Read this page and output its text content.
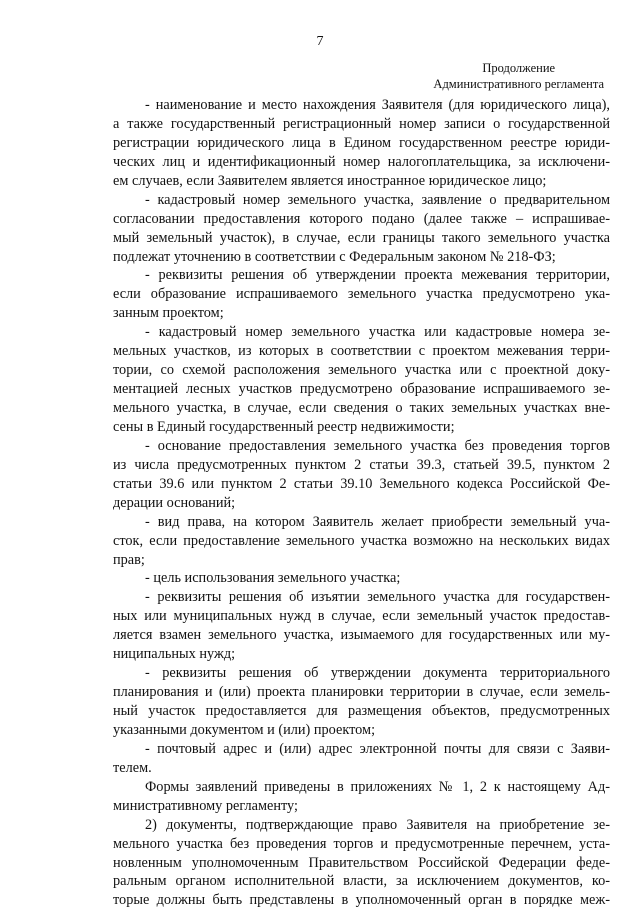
7
Продолжение
Административного регламента
- наименование и место нахождения Заявителя (для юридического лица),
а также государственный регистрационный номер записи о государственной
регистрации юридического лица в Едином государственном реестре юриди-
ческих лиц и идентификационный номер налогоплательщика, за исключени-
ем случаев, если Заявителем является иностранное юридическое лицо;
- кадастровый номер земельного участка, заявление о предварительном
согласовании предоставления которого подано (далее также – испрашивае-
мый земельный участок), в случае, если границы такого земельного участка
подлежат уточнению в соответствии с Федеральным законом № 218-ФЗ;
- реквизиты решения об утверждении проекта межевания территории,
если образование испрашиваемого земельного участка предусмотрено ука-
занным проектом;
- кадастровый номер земельного участка или кадастровые номера зе-
мельных участков, из которых в соответствии с проектом межевания терри-
тории, со схемой расположения земельного участка или с проектной доку-
ментацией лесных участков предусмотрено образование испрашиваемого зе-
мельного участка, в случае, если сведения о таких земельных участках вне-
сены в Единый государственный реестр недвижимости;
- основание предоставления земельного участка без проведения торгов
из числа предусмотренных пунктом 2 статьи 39.3, статьей 39.5, пунктом 2
статьи 39.6 или пунктом 2 статьи 39.10 Земельного кодекса Российской Фе-
дерации оснований;
- вид права, на котором Заявитель желает приобрести земельный уча-
сток, если предоставление земельного участка возможно на нескольких видах
прав;
- цель использования земельного участка;
- реквизиты решения об изъятии земельного участка для государствен-
ных или муниципальных нужд в случае, если земельный участок предостав-
ляется взамен земельного участка, изымаемого для государственных или му-
ниципальных нужд;
- реквизиты решения об утверждении документа территориального
планирования и (или) проекта планировки территории в случае, если земель-
ный участок предоставляется для размещения объектов, предусмотренных
указанными документом и (или) проектом;
- почтовый адрес и (или) адрес электронной почты для связи с Заяви-
телем.
Формы заявлений приведены в приложениях № 1, 2 к настоящему Ад-
министративному регламенту;
2) документы, подтверждающие право Заявителя на приобретение зе-
мельного участка без проведения торгов и предусмотренные перечнем, уста-
новленным уполномоченным Правительством Российской Федерации феде-
ральным органом исполнительной власти, за исключением документов, ко-
торые должны быть представлены в уполномоченный орган в порядке меж-
